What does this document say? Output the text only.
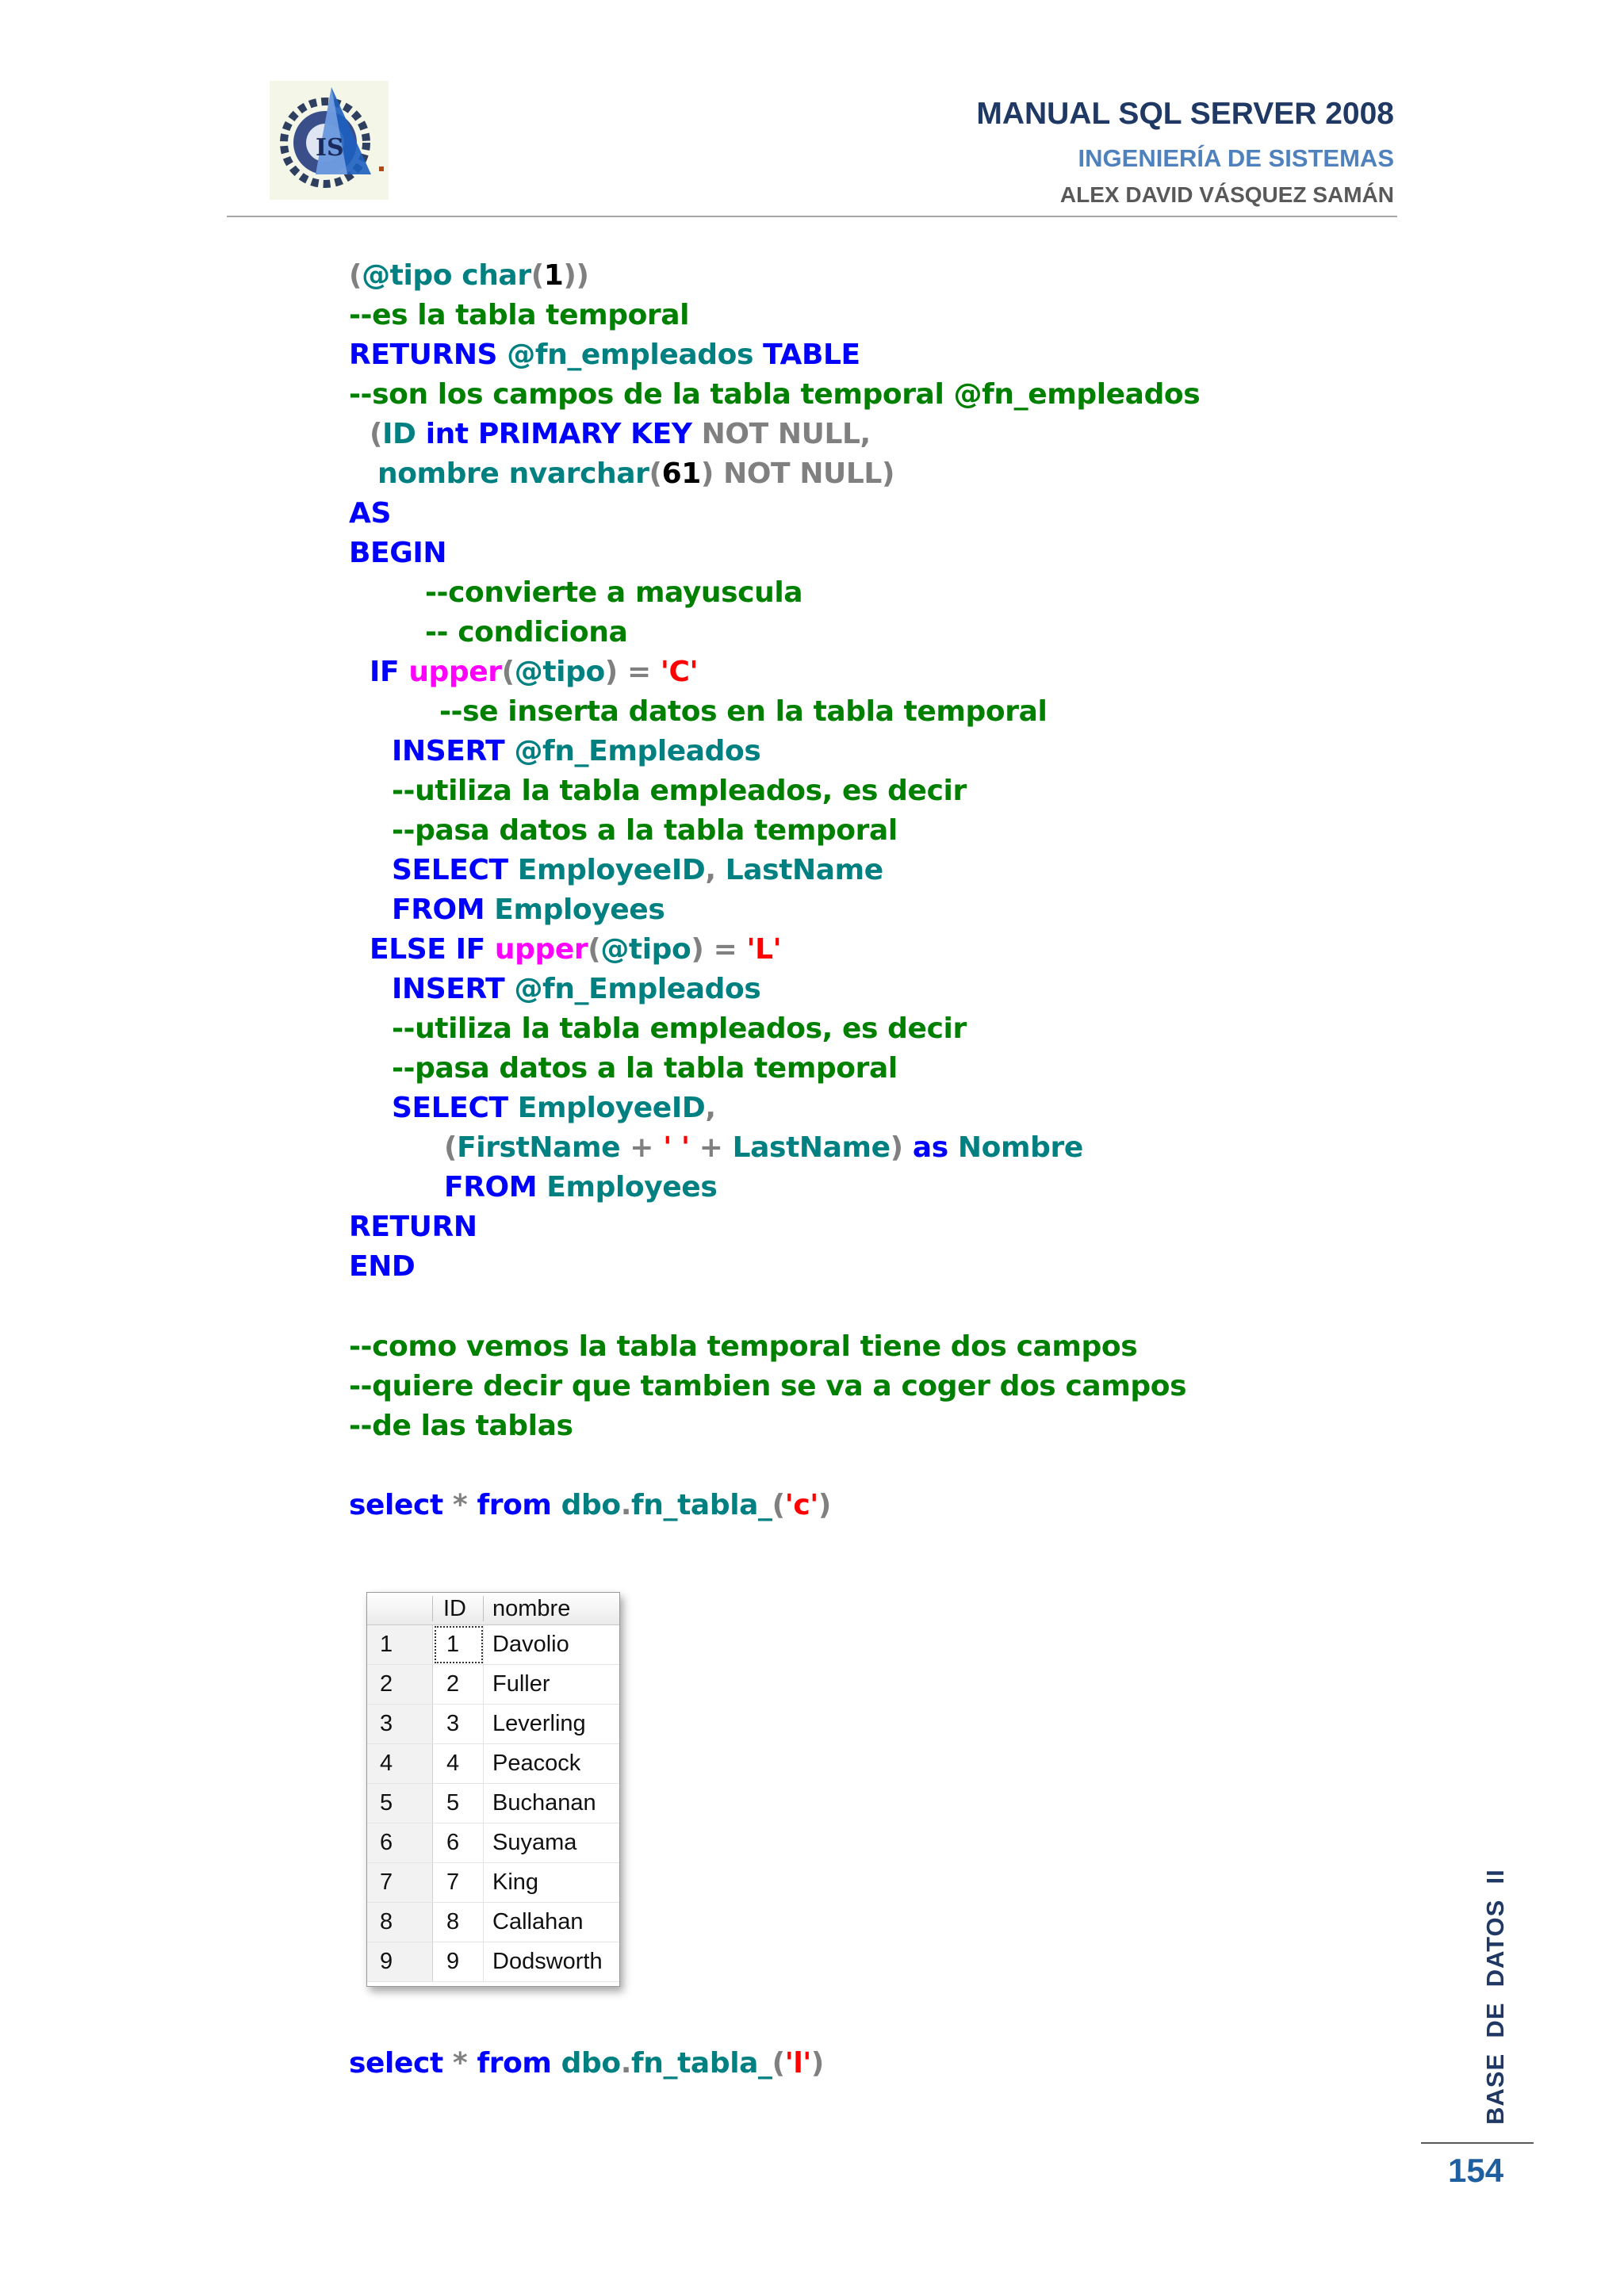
IS
MANUAL SQL SERVER 2008
INGENIERÍA DE SISTEMAS
ALEX DAVID VÁSQUEZ SAMÁN
(@tipo char(1))
--es la tabla temporal
RETURNS @fn_empleados TABLE
--son los campos de la tabla temporal @fn_empleados
(ID int PRIMARY KEY NOT NULL,
nombre nvarchar(61) NOT NULL)
AS
BEGIN
--convierte a mayuscula
-- condiciona
IF upper(@tipo) = 'C'
--se inserta datos en la tabla temporal
INSERT @fn_Empleados
--utiliza la tabla empleados, es decir
--pasa datos a la tabla temporal
SELECT EmployeeID, LastName
FROM Employees
ELSE IF upper(@tipo) = 'L'
INSERT @fn_Empleados
--utiliza la tabla empleados, es decir
--pasa datos a la tabla temporal
SELECT EmployeeID,
(FirstName + ' ' + LastName) as Nombre
FROM Employees
RETURN
END
--como vemos la tabla temporal tiene dos campos
--quiere decir que tambien se va a coger dos campos
--de las tablas
select * from dbo.fn_tabla_('c')
select * from dbo.fn_tabla_('l')
ID nombre
1 1 Davolio
2 2 Fuller
3 3 Leverling
4 4 Peacock
5 5 Buchanan
6 6 Suyama
7 7 King
8 8 Callahan
9 9 Dodsworth	BASE  DE  DATOS  II
154
